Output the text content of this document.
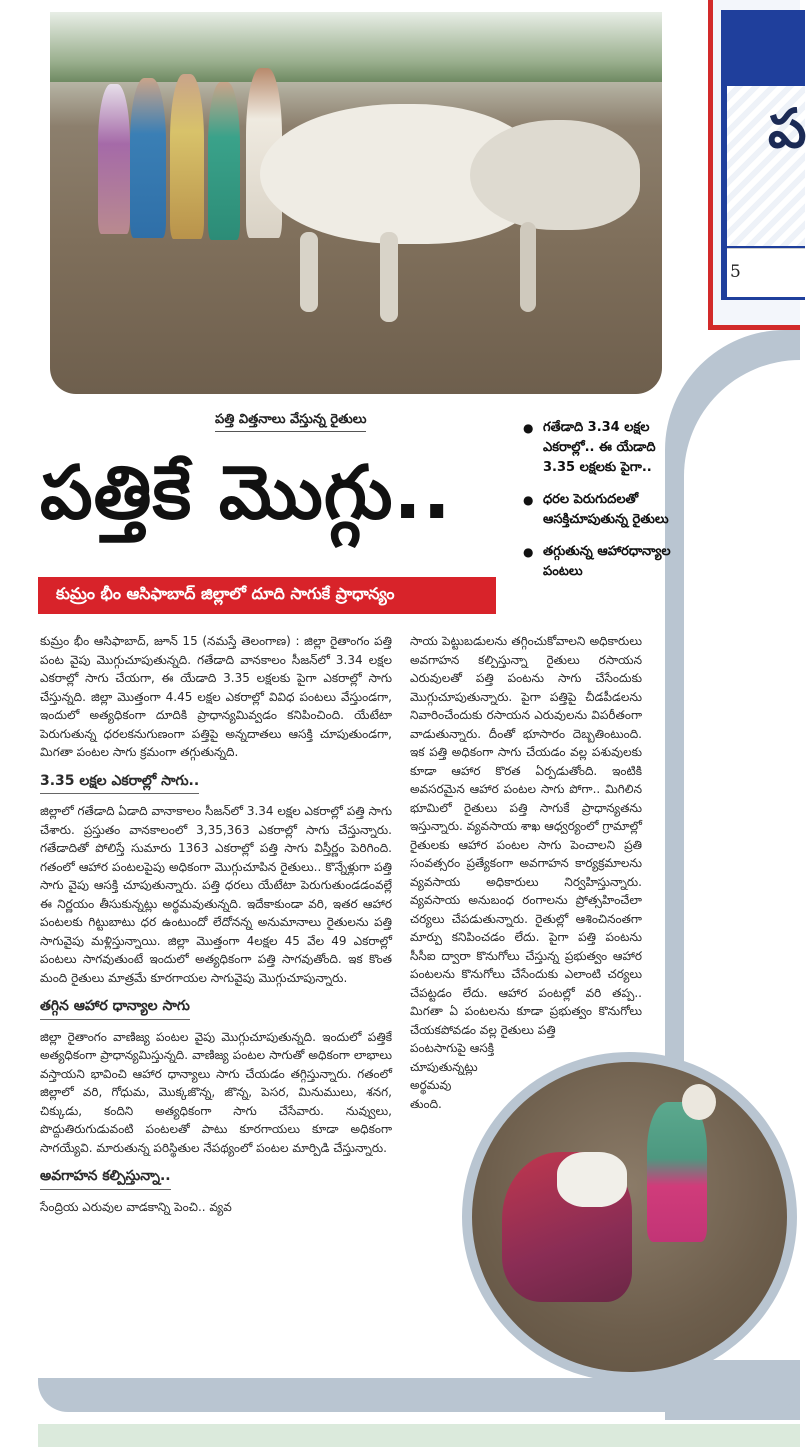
ప
5
పత్తి విత్తనాలు వేస్తున్న రైతులు
పత్తికే మొగ్గు..
కుమ్రం భీం ఆసిఫాబాద్ జిల్లాలో దూది సాగుకే ప్రాధాన్యం
● గతేడాది 3.34 లక్షల ఎకరాల్లో.. ఈ యేడాది 3.35 లక్షలకు పైగా..
● ధరల పెరుగుదలతో ఆసక్తిచూపుతున్న రైతులు
● తగ్గుతున్న ఆహారధాన్యాల పంటలు

కుమ్రం భీం ఆసిఫాబాద్, జూన్ 15 (నమస్తే తెలంగాణ) : జిల్లా రైతాంగం పత్తి పంట వైపు మొగ్గుచూపుతున్నది. గతేడాది వానకాలం సీజన్‌లో 3.34 లక్షల ఎకరాల్లో సాగు చేయగా, ఈ యేడాది 3.35 లక్షలకు పైగా ఎకరాల్లో సాగు చేస్తున్నది. జిల్లా మొత్తంగా 4.45 లక్షల ఎకరాల్లో వివిధ పంటలు వేస్తుండగా, ఇందులో అత్యధికంగా దూదికి ప్రాధాన్యమివ్వడం కనిపించింది. యేటేటా పెరుగుతున్న ధరలకనుగుణంగా పత్తిపై అన్నదాతలు ఆసక్తి చూపుతుండగా, మిగతా పంటల సాగు క్రమంగా తగ్గుతున్నది.

3.35 లక్షల ఎకరాల్లో సాగు..

జిల్లాలో గతేడాది ఏడాది వానాకాలం సీజన్‌లో 3.34 లక్షల ఎకరాల్లో పత్తి సాగు చేశారు. ప్రస్తుతం వానకాలంలో 3,35,363 ఎకరాల్లో సాగు చేస్తున్నారు. గతేడాదితో పోలిస్తే సుమారు 1363 ఎకరాల్లో పత్తి సాగు విస్తీర్ణం పెరిగింది. గతంలో ఆహార పంటలపైపు అధికంగా మొగ్గుచూపిన రైతులు.. కొన్నేళ్లుగా పత్తి సాగు వైపు ఆసక్తి చూపుతున్నారు. పత్తి ధరలు యేటేటా పెరుగుతుండడంవల్లే ఈ నిర్ణయం తీసుకున్నట్లు అర్థమవుతున్నది. ఇదేకాకుండా వరి, ఇతర ఆహార పంటలకు గిట్టుబాటు ధర ఉంటుందో లేదోనన్న అనుమానాలు రైతులను పత్తి సాగువైపు మళ్లిస్తున్నాయి. జిల్లా మొత్తంగా 4లక్షల 45 వేల 49 ఎకరాల్లో పంటలు సాగవుతుంటే ఇందులో అత్యధికంగా పత్తి సాగవుతోంది. ఇక కొంత మంది రైతులు మాత్రమే కూరగాయల సాగువైపు మొగ్గుచూపున్నారు.

తగ్గిన ఆహార ధాన్యాల సాగు

జిల్లా రైతాంగం వాణిజ్య పంటల వైపు మొగ్గుచూపుతున్నది. ఇందులో పత్తికే అత్యధికంగా ప్రాధాన్యమిస్తున్నది. వాణిజ్య పంటల సాగుతో అధికంగా లాభాలు వస్తాయని భావించి ఆహార ధాన్యాలు సాగు చేయడం తగ్గిస్తున్నారు. గతంలో జిల్లాలో వరి, గోధుమ, మొక్కజొన్న, జొన్న, పెసర, మినుములు, శనగ, చిక్కుడు, కందిని అత్యధికంగా సాగు చేసేవారు. నువ్వులు, పొద్దుతిరుగుడువంటి పంటలతో పాటు కూరగాయలు కూడా అధికంగా సాగయ్యేవి. మారుతున్న పరిస్థితుల నేపథ్యంలో పంటల మార్పిడి చేస్తున్నారు.

అవగాహన కల్పిస్తున్నా..

సేంద్రియ ఎరువుల వాడకాన్ని పెంచి.. వ్యవ

సాయ పెట్టుబడులను తగ్గించుకోవాలని అధికారులు అవగాహన కల్పిస్తున్నా రైతులు రసాయన ఎరువులతో పత్తి పంటను సాగు చేసేందుకు మొగ్గుచూపుతున్నారు. పైగా పత్తిపై చీడపీడలను నివారించేందుకు రసాయన ఎరువులను విపరీతంగా వాడుతున్నారు. దీంతో భూసారం దెబ్బతింటుంది. ఇక పత్తి అధికంగా సాగు చేయడం వల్ల పశువులకు కూడా ఆహార కొరత ఏర్పడుతోంది. ఇంటికి అవసరమైన ఆహార పంటల సాగు పోగా.. మిగిలిన భూమిలో రైతులు పత్తి సాగుకే ప్రాధాన్యతను ఇస్తున్నారు. వ్యవసాయ శాఖ ఆధ్వర్యంలో గ్రామాల్లో రైతులకు ఆహార పంటల సాగు పెంచాలని ప్రతి సంవత్సరం ప్రత్యేకంగా అవగాహన కార్యక్రమాలను వ్యవసాయ అధికారులు నిర్వహిస్తున్నారు. వ్యవసాయ అనుబంధ రంగాలను ప్రోత్సహించేలా చర్యలు చేపడుతున్నారు. రైతుల్లో ఆశించినంతగా మార్పు కనిపించడం లేదు. పైగా పత్తి పంటను సీసీఐ ద్వారా కొనుగోలు చేస్తున్న ప్రభుత్వం ఆహార పంటలను కొనుగోలు చేసేందుకు ఎలాంటి చర్యలు చేపట్టడం లేదు. ఆహార పంటల్లో వరి తప్ప.. మిగతా ఏ పంటలను కూడా ప్రభుత్వం కొనుగోలు చేయకపోవడం వల్ల రైతులు పత్తి

పంటసాగుపై ఆసక్తి

చూపుతున్నట్లు

అర్థమవు

తుంది.
